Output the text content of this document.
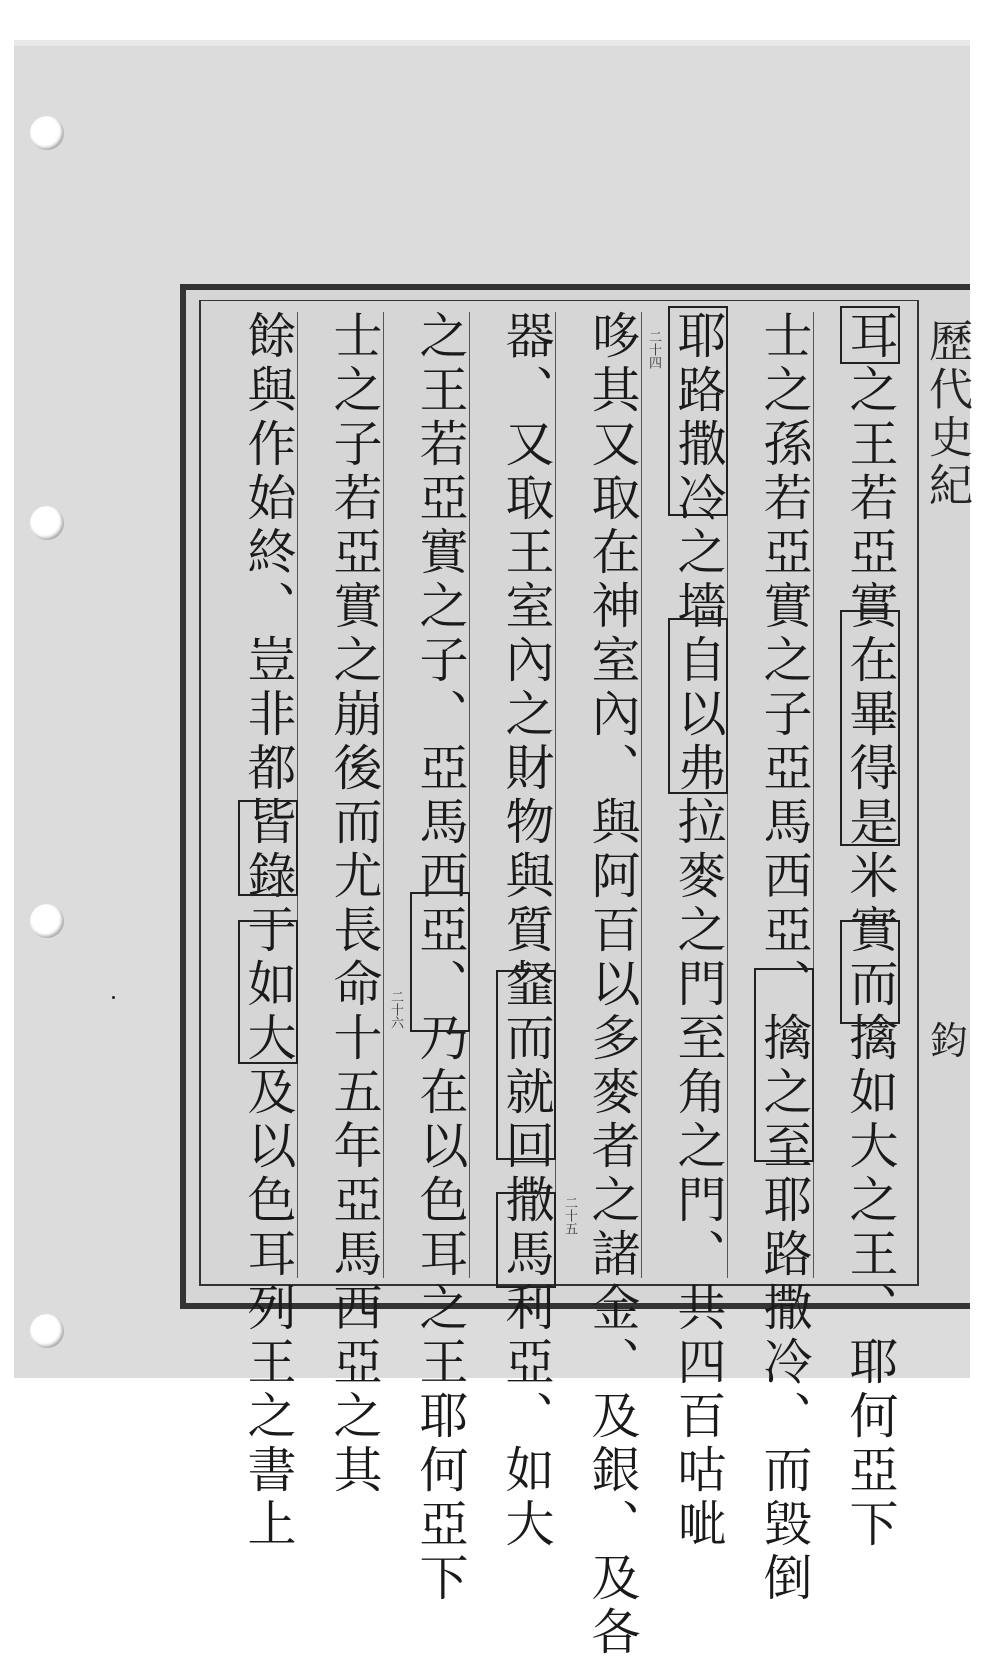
歷代史紀
鈞
耳之王若亞實在畢得是米實而擒如大之王、耶何亞下
士之孫若亞實之子亞馬西亞、擒之至耶路撒冷、而毀倒
耶路撒冷之墻自以弗拉麥之門至角之門、共四百咕呲
哆其又取在神室內、與阿百以多麥者之諸金、及銀、及各
器、又取王室內之財物與質韰而就回撒馬利亞、如大
之王若亞實之子、亞馬西亞、乃在以色耳之王耶何亞下
士之子若亞實之崩後而尤長命十五年亞馬西亞之其
餘與作始終、豈非都皆錄于如大及以色耳列王之書上	二十四
二十五
二十六
